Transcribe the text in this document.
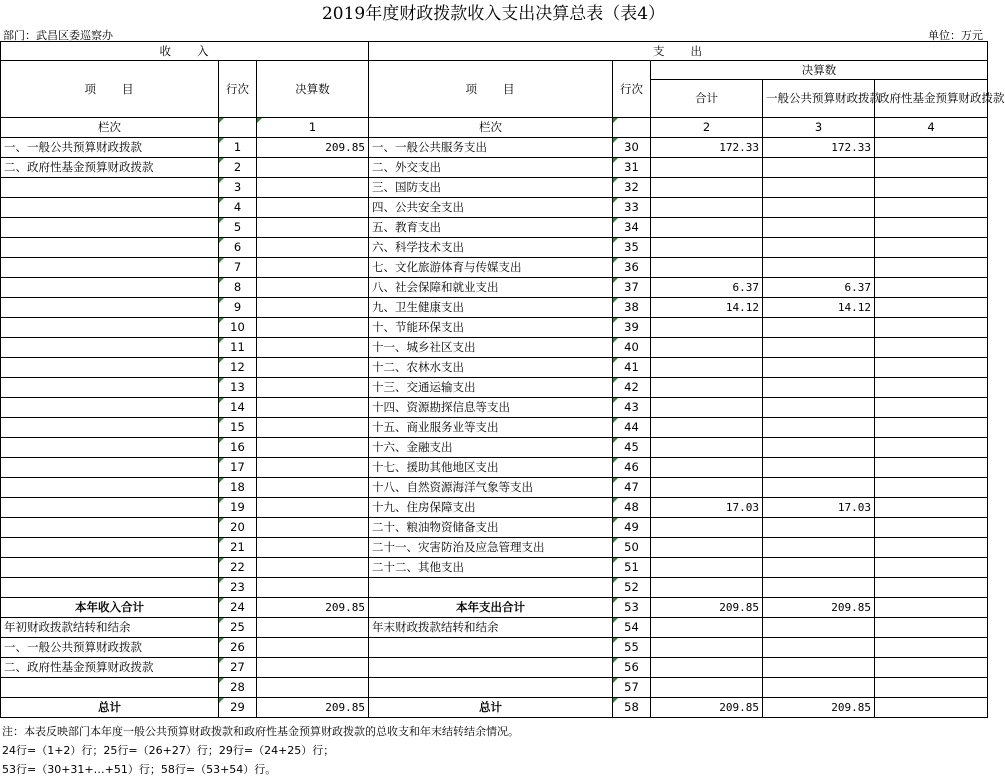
2019年度财政拨款收入支出决算总表（表4）
部门：武昌区委巡察办	单位：万元
收　　入			支　　出				
项　　目	行次	决算数	项　　目	行次	决算数		
					合计	一般公共预算财政拨款	政府性基金预算财政拨款

栏次		1	栏次		2	3	4
一、一般公共预算财政拨款	1	209.85	一、一般公共服务支出	30	172.33	172.33	
二、政府性基金预算财政拨款	2		二、外交支出	31			
	3		三、国防支出	32			
	4		四、公共安全支出	33			
	5		五、教育支出	34			
	6		六、科学技术支出	35			
	7		七、文化旅游体育与传媒支出	36			
	8		八、社会保障和就业支出	37	6.37	6.37	
	9		九、卫生健康支出	38	14.12	14.12	
	10		十、节能环保支出	39			
	11		十一、城乡社区支出	40			
	12		十二、农林水支出	41			
	13		十三、交通运输支出	42			
	14		十四、资源勘探信息等支出	43			
	15		十五、商业服务业等支出	44			
	16		十六、金融支出	45			
	17		十七、援助其他地区支出	46			
	18		十八、自然资源海洋气象等支出	47			
	19		十九、住房保障支出	48	17.03	17.03	
	20		二十、粮油物资储备支出	49			
	21		二十一、灾害防治及应急管理支出	50			
	22		二十二、其他支出	51			
	23			52			
本年收入合计	24	209.85	本年支出合计	53	209.85	209.85	
年初财政拨款结转和结余	25		年末财政拨款结转和结余	54			
一、一般公共预算财政拨款	26			55			
二、政府性基金预算财政拨款	27			56			
	28			57			
总计	29	209.85	总计	58	209.85	209.85	
注：本表反映部门本年度一般公共预算财政拨款和政府性基金预算财政拨款的总收支和年末结转结余情况。
24行=（1+2）行；25行=（26+27）行；29行=（24+25）行；
53行=（30+31+…+51）行；58行=（53+54）行。
